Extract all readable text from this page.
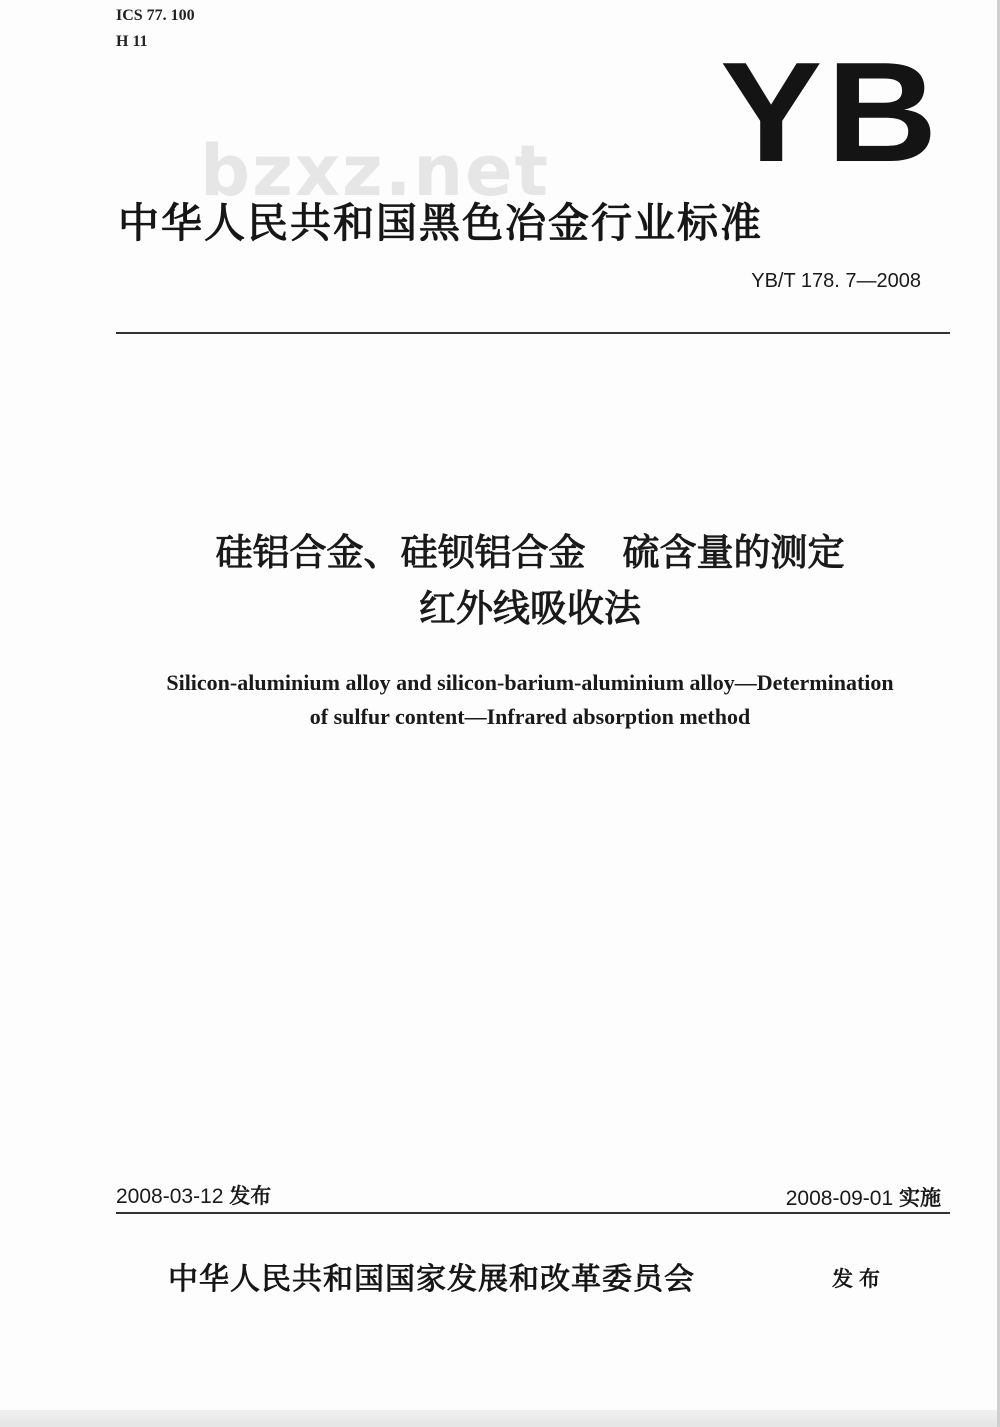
ICS 77. 100
H 11	YB
bzxz.net
中华人民共和国黑色冶金行业标准
YB/T 178. 7—2008
硅铝合金、硅钡铝合金　硫含量的测定
红外线吸收法
Silicon-aluminium alloy and silicon-barium-aluminium alloy—Determination
of sulfur content—Infrared absorption method
2008-03-12 发布	2008-09-01 实施
中华人民共和国国家发展和改革委员会	发布
